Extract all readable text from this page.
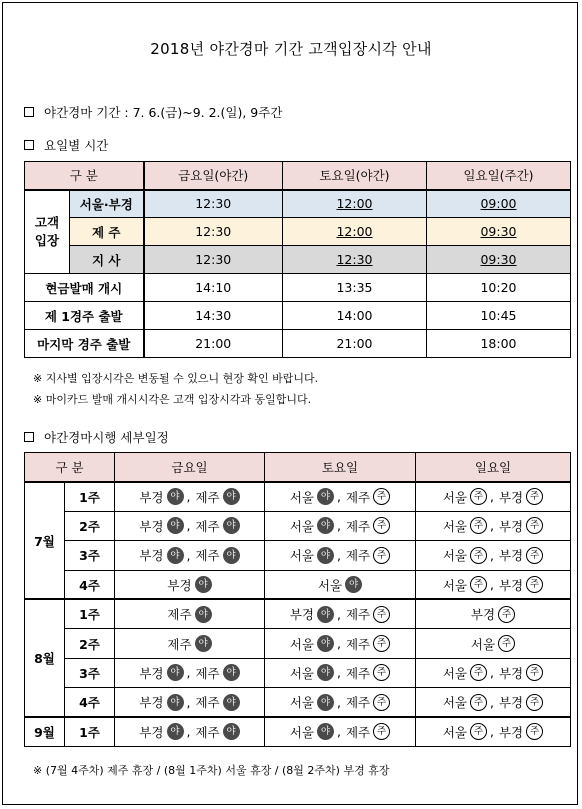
2018년 야간경마 기간 고객입장시각 안내
야간경마 기간 : 7. 6.(금)~9. 2.(일), 9주간
요일별 시간
구 분		금요일(야간)	토요일(야간)	일요일(주간)
고객
입장	서울·부경	12:30	12:00	09:00
	제 주	12:30	12:00	09:30
	지 사	12:30	12:30	09:30
현금발매 개시		14:10	13:35	10:20
제 1경주 출발		14:30	14:00	10:45
마지막 경주 출발		21:00	21:00	18:00
※ 지사별 입장시각은 변동될 수 있으니 현장 확인 바랍니다.
※ 마이카드 발매 개시시각은 고객 입장시각과 동일합니다.
야간경마시행 세부일정
구 분		금요일	토요일	일요일
7월	1주	부경 야 , 제주 야	서울 야 , 제주 주	서울 주 , 부경 주

	2주	부경 야 , 제주 야	서울 야 , 제주 주	서울 주 , 부경 주

	3주	부경 야 , 제주 야	서울 야 , 제주 주	서울 주 , 부경 주

	4주	부경 야	서울 야	서울 주 , 부경 주

8월	1주	제주 야	부경 야 , 제주 주	부경 주

	2주	제주 야	서울 야 , 제주 주	서울 주

	3주	부경 야 , 제주 야	서울 야 , 제주 주	서울 주 , 부경 주

	4주	부경 야 , 제주 야	서울 야 , 제주 주	서울 주 , 부경 주

9월	1주	부경 야 , 제주 야	서울 야 , 제주 주	서울 주 , 부경 주
※ (7월 4주차) 제주 휴장 / (8월 1주차) 서울 휴장 / (8월 2주차) 부경 휴장
